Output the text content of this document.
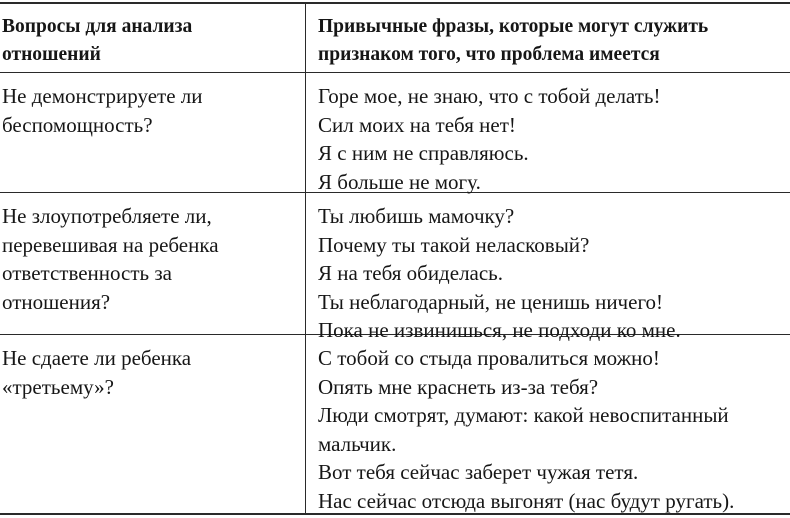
Вопросы для анализа
отношений
Привычные фразы, которые могут служить
признаком того, что проблема имеется
Не демонстрируете ли
беспомощность?
Горе мое, не знаю, что с тобой делать!
Сил моих на тебя нет!
Я с ним не справляюсь.
Я больше не могу.
Не злоупотребляете ли,
перевешивая на ребенка
ответственность за
отношения?
Ты любишь мамочку?
Почему ты такой неласковый?
Я на тебя обиделась.
Ты неблагодарный, не ценишь ничего!
Пока не извинишься, не подходи ко мне.
Не сдаете ли ребенка
«третьему»?
С тобой со стыда провалиться можно!
Опять мне краснеть из-за тебя?
Люди смотрят, думают: какой невоспитанный
мальчик.
Вот тебя сейчас заберет чужая тетя.
Нас сейчас отсюда выгонят (нас будут ругать).
